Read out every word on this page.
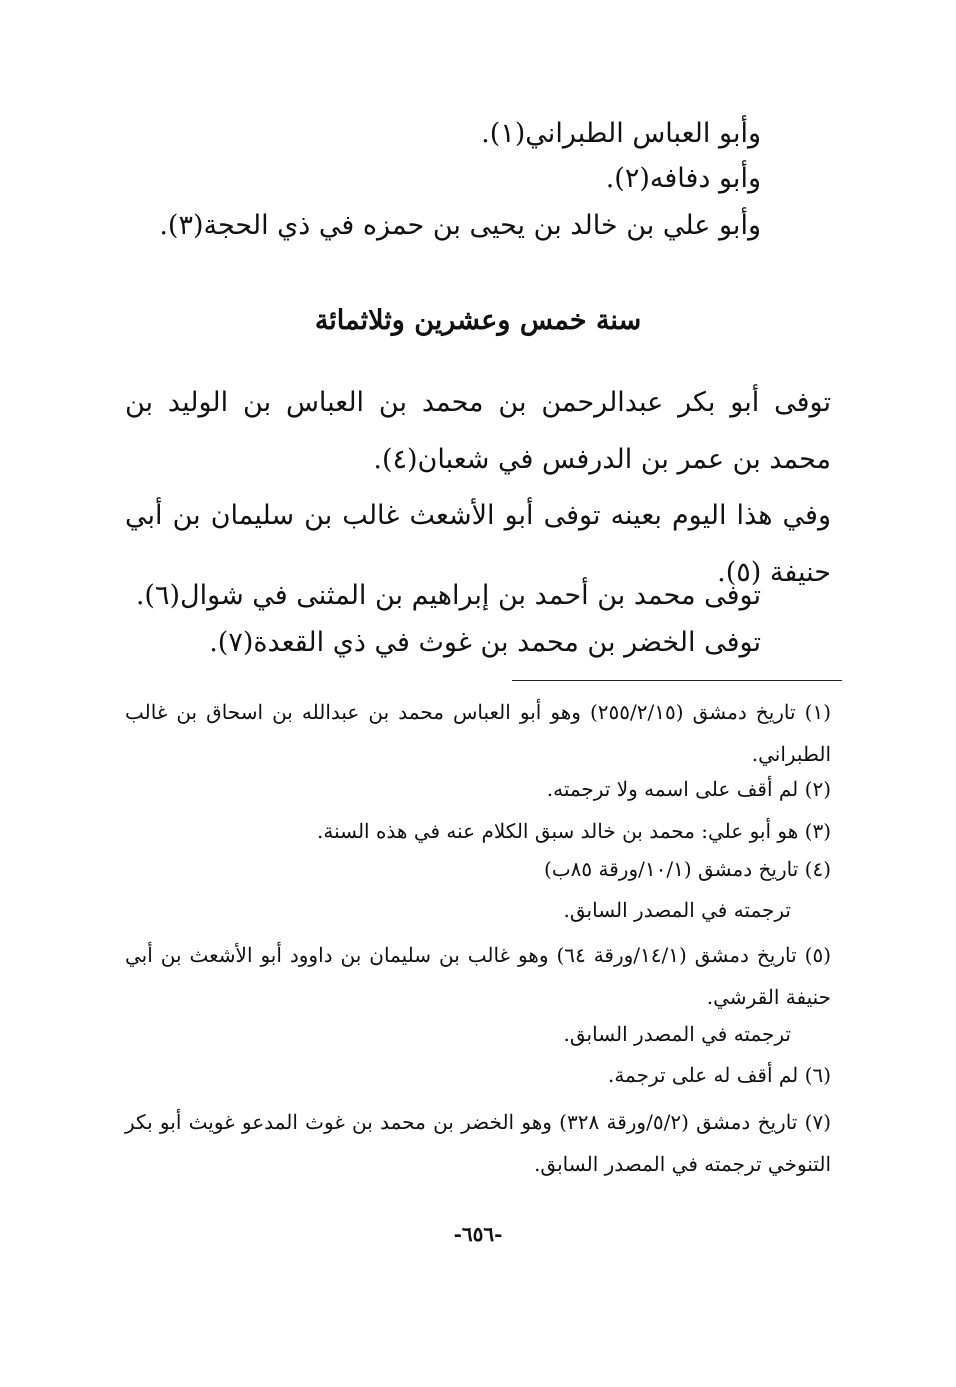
وأبو العباس الطبراني(١).
وأبو دفافه(٢).
وأبو علي بن خالد بن يحيى بن حمزه في ذي الحجة(٣).
سنة خمس وعشرين وثلاثمائة
توفى أبو بكر عبدالرحمن بن محمد بن العباس بن الوليد بن محمد بن عمر بن الدرفس في شعبان(٤).
وفي هذا اليوم بعينه توفى أبو الأشعث غالب بن سليمان بن أبي حنيفة (٥).
توفى محمد بن أحمد بن إبراهيم بن المثنى في شوال(٦).
توفى الخضر بن محمد بن غوث في ذي القعدة(٧).
(١) تاريخ دمشق (٢٥٥/٢/١٥) وهو أبو العباس محمد بن عبدالله بن اسحاق بن غالب الطبراني.
(٢) لم أقف على اسمه ولا ترجمته.
(٣) هو أبو علي: محمد بن خالد سبق الكلام عنه في هذه السنة.
(٤) تاريخ دمشق (١٠/١/ورقة ٨٥ب)
ترجمته في المصدر السابق.
(٥) تاريخ دمشق (١٤/١/ورقة ٦٤) وهو غالب بن سليمان بن داوود أبو الأشعث بن أبي حنيفة القرشي.
ترجمته في المصدر السابق.
(٦) لم أقف له على ترجمة.
(٧) تاريخ دمشق (٥/٢/ورقة ٣٢٨) وهو الخضر بن محمد بن غوث المدعو غويث أبو بكر التنوخي ترجمته في المصدر السابق.
-٦٥٦-
